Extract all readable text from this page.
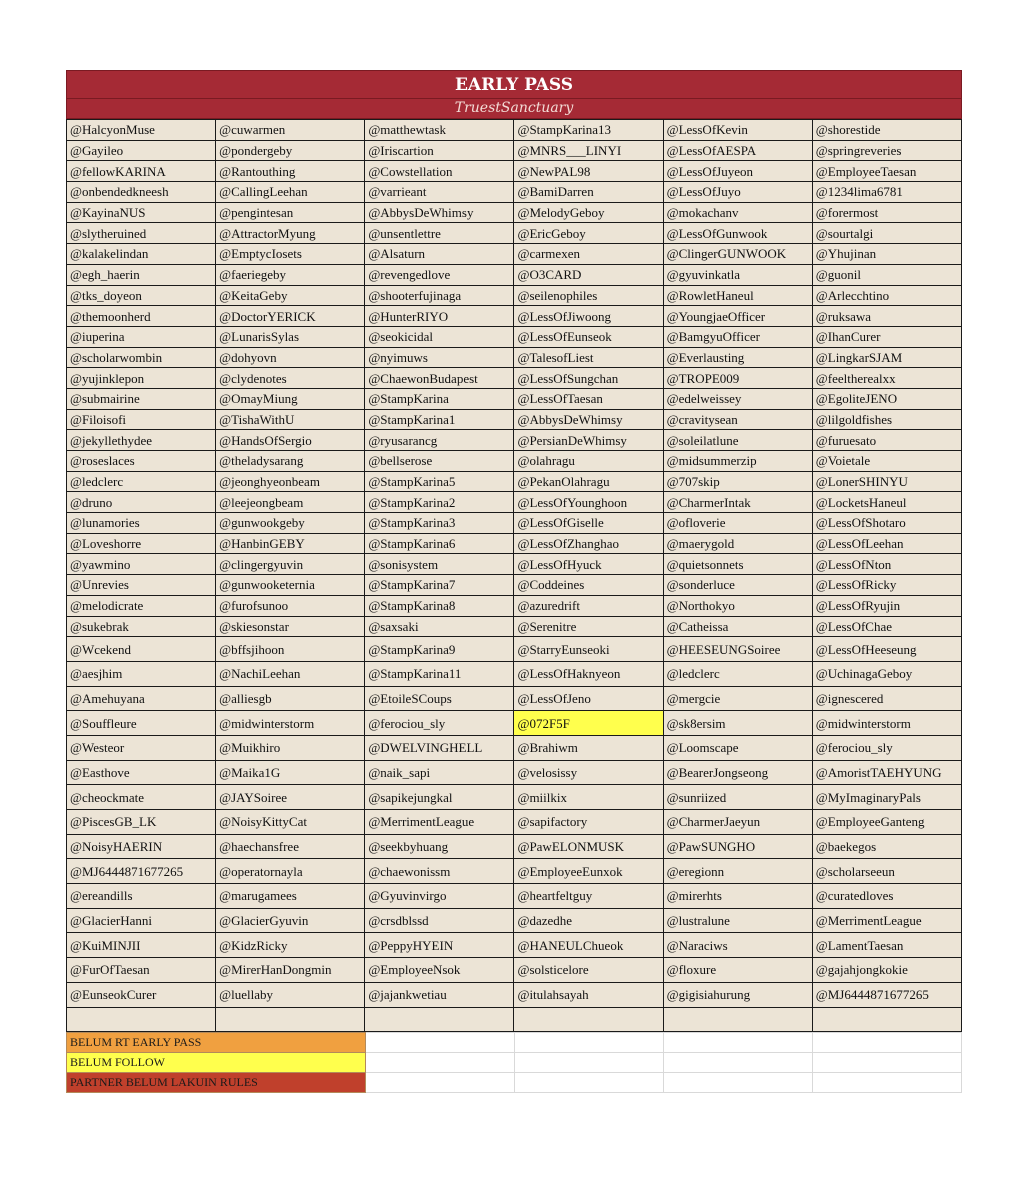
EARLY PASS
TruestSanctuary
@HalcyonMuse	@cuwarmen	@matthewtask	@StampKarina13	@LessOfKevin	@shorestide
@Gayileo	@pondergeby	@Iriscartion	@MNRS___LINYI	@LessOfAESPA	@springreveries
@fellowKARINA	@Rantouthing	@Cowstellation	@NewPAL98	@LessOfJuyeon	@EmployeeTaesan
@onbendedkneesh	@CallingLeehan	@varrieant	@BamiDarren	@LessOfJuyo	@1234lima6781
@KayinaNUS	@pengintesan	@AbbysDeWhimsy	@MelodyGeboy	@mokachanv	@forermost
@slytheruined	@AttractorMyung	@unsentlettre	@EricGeboy	@LessOfGunwook	@sourtalgi
@kalakelindan	@EmptycIosets	@Alsaturn	@carmexen	@ClingerGUNWOOK	@Yhujinan
@egh_haerin	@faeriegeby	@revengedlove	@O3CARD	@gyuvinkatla	@guonil
@tks_doyeon	@KeitaGeby	@shooterfujinaga	@seilenophiles	@RowletHaneul	@Arlecchtino
@themoonherd	@DoctorYERICK	@HunterRIYO	@LessOfJiwoong	@YoungjaeOfficer	@ruksawa
@iuperina	@LunarisSylas	@seokicidal	@LessOfEunseok	@BamgyuOfficer	@IhanCurer
@scholarwombin	@dohyovn	@nyimuws	@TalesofLiest	@Everlausting	@LingkarSJAM
@yujinklepon	@clydenotes	@ChaewonBudapest	@LessOfSungchan	@TROPE009	@feeltherealxx
@submairine	@OmayMiung	@StampKarina	@LessOfTaesan	@edelweissey	@EgoliteJENO
@Filoisofi	@TishaWithU	@StampKarina1	@AbbysDeWhimsy	@cravitysean	@lilgoldfishes
@jekyllethydee	@HandsOfSergio	@ryusarancg	@PersianDeWhimsy	@soleilatlune	@furuesato
@roseslaces	@theladysarang	@bellserose	@olahragu	@midsummerzip	@Voietale
@ledclerc	@jeonghyeonbeam	@StampKarina5	@PekanOlahragu	@707skip	@LonerSHINYU
@druno	@leejeongbeam	@StampKarina2	@LessOfYounghoon	@CharmerIntak	@LocketsHaneul
@lunamories	@gunwookgeby	@StampKarina3	@LessOfGiselle	@ofloverie	@LessOfShotaro
@Loveshorre	@HanbinGEBY	@StampKarina6	@LessOfZhanghao	@maerygold	@LessOfLeehan
@yawmino	@clingergyuvin	@sonisystem	@LessOfHyuck	@quietsonnets	@LessOfNton
@Unrevies	@gunwooketernia	@StampKarina7	@Coddeines	@sonderluce	@LessOfRicky
@melodicrate	@furofsunoo	@StampKarina8	@azuredrift	@Northokyo	@LessOfRyujin
@sukebrak	@skiesonstar	@saxsaki	@Serenitre	@Catheissa	@LessOfChae
@Wcekend	@bffsjihoon	@StampKarina9	@StarryEunseoki	@HEESEUNGSoiree	@LessOfHeeseung
@aesjhim	@NachiLeehan	@StampKarina11	@LessOfHaknyeon	@ledclerc	@UchinagaGeboy
@Amehuyana	@alliesgb	@EtoileSCoups	@LessOfJeno	@mergcie	@ignescered
@Souffleure	@midwinterstorm	@ferociou_sly	@072F5F	@sk8ersim	@midwinterstorm
@Westeor	@Muikhiro	@DWELVINGHELL	@Brahiwm	@Loomscape	@ferociou_sly
@Easthove	@Maika1G	@naik_sapi	@velosissy	@BearerJongseong	@AmoristTAEHYUNG
@cheockmate	@JAYSoiree	@sapikejungkal	@miilkix	@sunriized	@MyImaginaryPals
@PiscesGB_LK	@NoisyKittyCat	@MerrimentLeague	@sapifactory	@CharmerJaeyun	@EmployeeGanteng
@NoisyHAERIN	@haechansfree	@seekbyhuang	@PawELONMUSK	@PawSUNGHO	@baekegos
@MJ6444871677265	@operatornayla	@chaewonissm	@EmployeeEunxok	@eregionn	@scholarseeun
@ereandills	@marugamees	@Gyuvinvirgo	@heartfeltguy	@mirerhts	@curatedloves
@GlacierHanni	@GlacierGyuvin	@crsdblssd	@dazedhe	@lustralune	@MerrimentLeague
@KuiMINJII	@KidzRicky	@PeppyHYEIN	@HANEULChueok	@Naraciws	@LamentTaesan
@FurOfTaesan	@MirerHanDongmin	@EmployeeNsok	@solsticelore	@floxure	@gajahjongkokie
@EunseokCurer	@luellaby	@jajankwetiau	@itulahsayah	@gigisiahurung	@MJ6444871677265

BELUM RT EARLY PASS				
BELUM FOLLOW				
PARTNER BELUM LAKUIN RULES				
